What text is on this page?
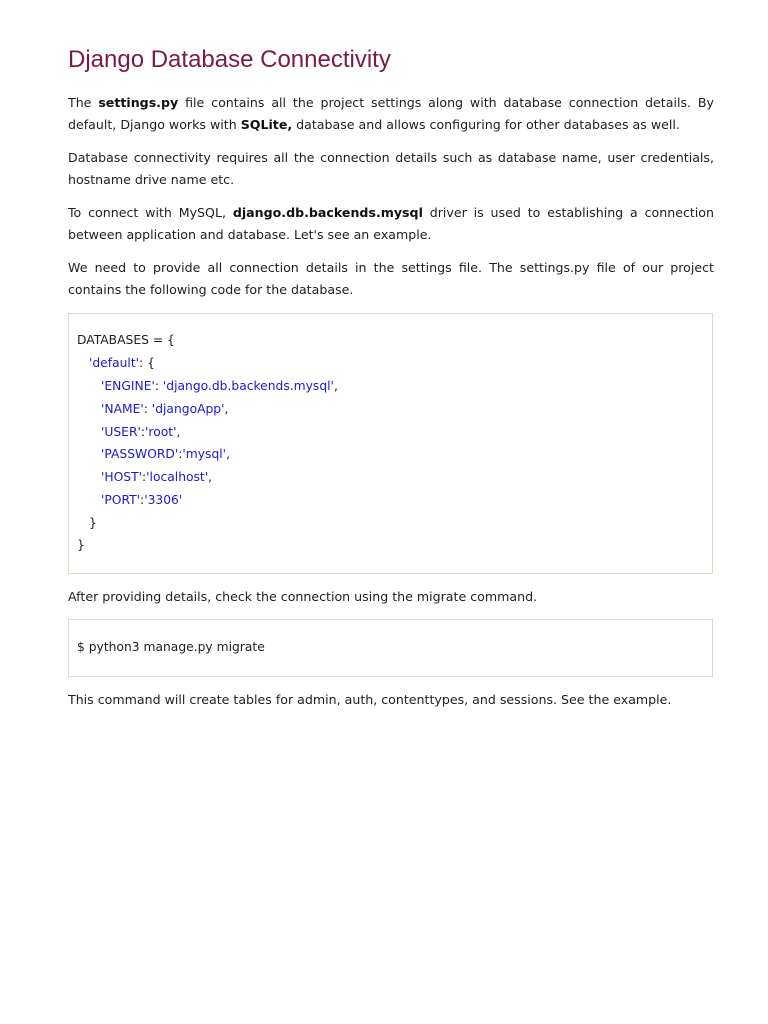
Django Database Connectivity

The settings.py file contains all the project settings along with database connection details. By default, Django works with SQLite, database and allows configuring for other databases as well.

Database connectivity requires all the connection details such as database name, user credentials, hostname drive name etc.

To connect with MySQL, django.db.backends.mysql driver is used to establishing a connection between application and database. Let's see an example.

We need to provide all connection details in the settings file. The settings.py file of our project contains the following code for the database.

DATABASES = {
'default': {
'ENGINE': 'django.db.backends.mysql',
'NAME': 'djangoApp',
'USER':'root',
'PASSWORD':'mysql',
'HOST':'localhost',
'PORT':'3306'
}
}

After providing details, check the connection using the migrate command.

$ python3 manage.py migrate

This command will create tables for admin, auth, contenttypes, and sessions. See the example.
